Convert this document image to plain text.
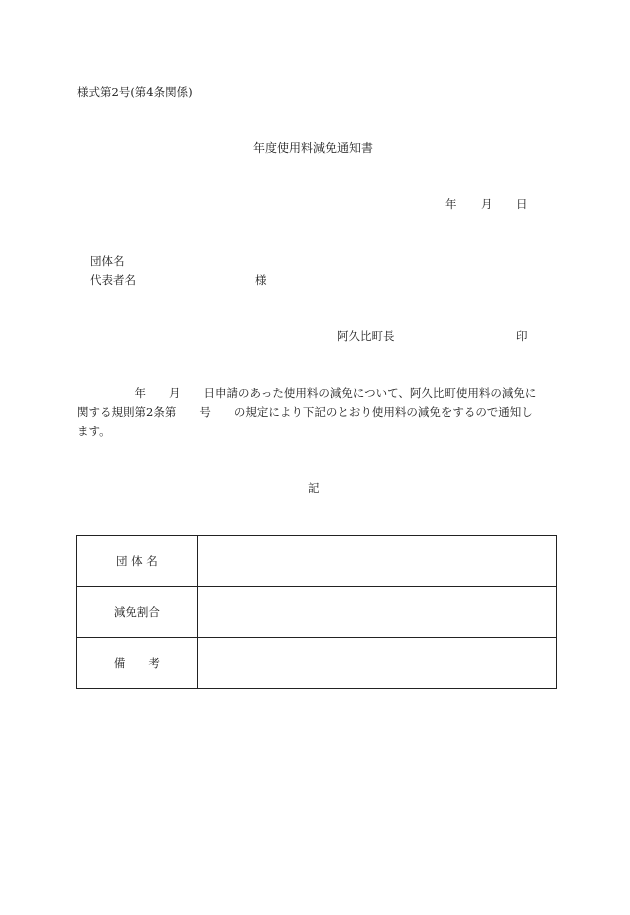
様式第2号(第4条関係)
年度使用料減免通知書
年 月 日
団体名
代表者名	様
阿久比町長	印
　　　　　年　　月　　日申請のあった使用料の減免について、阿久比町使用料の減免に
関する規則第2条第　　号　　の規定により下記のとおり使用料の減免をするので通知し
ます。
記
団 体 名	
減免割合	
備　　考	
